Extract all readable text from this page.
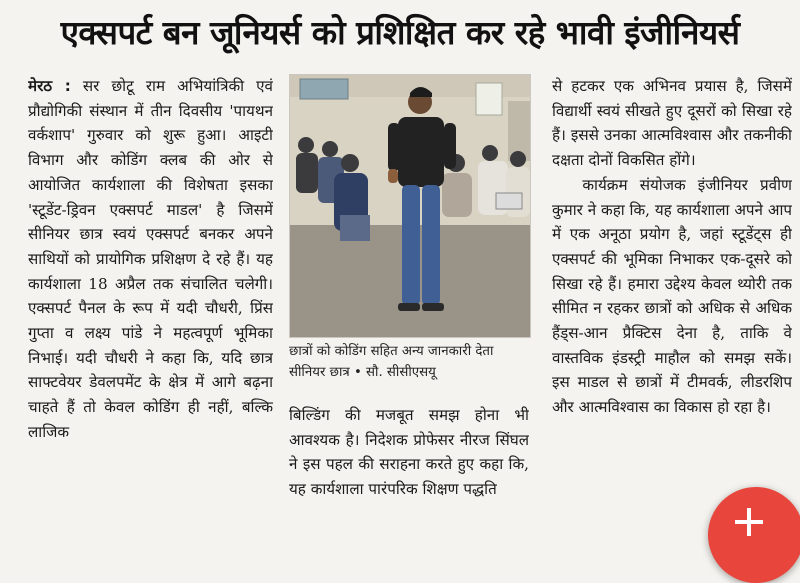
एक्सपर्ट बन जूनियर्स को प्रशिक्षित कर रहे भावी इंजीनियर्स

मेरठ : सर छोटू राम अभियांत्रिकी एवं प्रौद्योगिकी संस्थान में तीन दिवसीय 'पायथन वर्कशाप' गुरुवार को शुरू हुआ। आइटी विभाग और कोडिंग क्लब की ओर से आयोजित कार्यशाला की विशेषता इसका 'स्टूडेंट-ड्रिवन एक्सपर्ट माडल' है जिसमें सीनियर छात्र स्वयं एक्सपर्ट बनकर अपने साथियों को प्रायोगिक प्रशिक्षण दे रहे हैं। यह कार्यशाला 18 अप्रैल तक संचालित चलेगी। एक्सपर्ट पैनल के रूप में यदी चौधरी, प्रिंस गुप्ता व लक्ष्य पांडे ने महत्वपूर्ण भूमिका निभाई। यदी चौधरी ने कहा कि, यदि छात्र साफ्टवेयर डेवलपमेंट के क्षेत्र में आगे बढ़ना चाहते हैं तो केवल कोडिंग ही नहीं, बल्कि लाजिक

छात्रों को कोडिंग सहित अन्य जानकारी देता सीनियर छात्र • सौ. सीसीएसयू

बिल्डिंग की मजबूत समझ होना भी आवश्यक है। निदेशक प्रोफेसर नीरज सिंघल ने इस पहल की सराहना करते हुए कहा कि, यह कार्यशाला पारंपरिक शिक्षण पद्धति

से हटकर एक अभिनव प्रयास है, जिसमें विद्यार्थी स्वयं सीखते हुए दूसरों को सिखा रहे हैं। इससे उनका आत्मविश्वास और तकनीकी दक्षता दोनों विकसित होंगे।

कार्यक्रम संयोजक इंजीनियर प्रवीण कुमार ने कहा कि, यह कार्यशाला अपने आप में एक अनूठा प्रयोग है, जहां स्टूडेंट्स ही एक्सपर्ट की भूमिका निभाकर एक-दूसरे को सिखा रहे हैं। हमारा उद्देश्य केवल थ्योरी तक सीमित न रहकर छात्रों को अधिक से अधिक हैंड्स-आन प्रैक्टिस देना है, ताकि वे वास्तविक इंडस्ट्री माहौल को समझ सकें। इस माडल से छात्रों में टीमवर्क, लीडरशिप और आत्मविश्वास का विकास हो रहा है।
